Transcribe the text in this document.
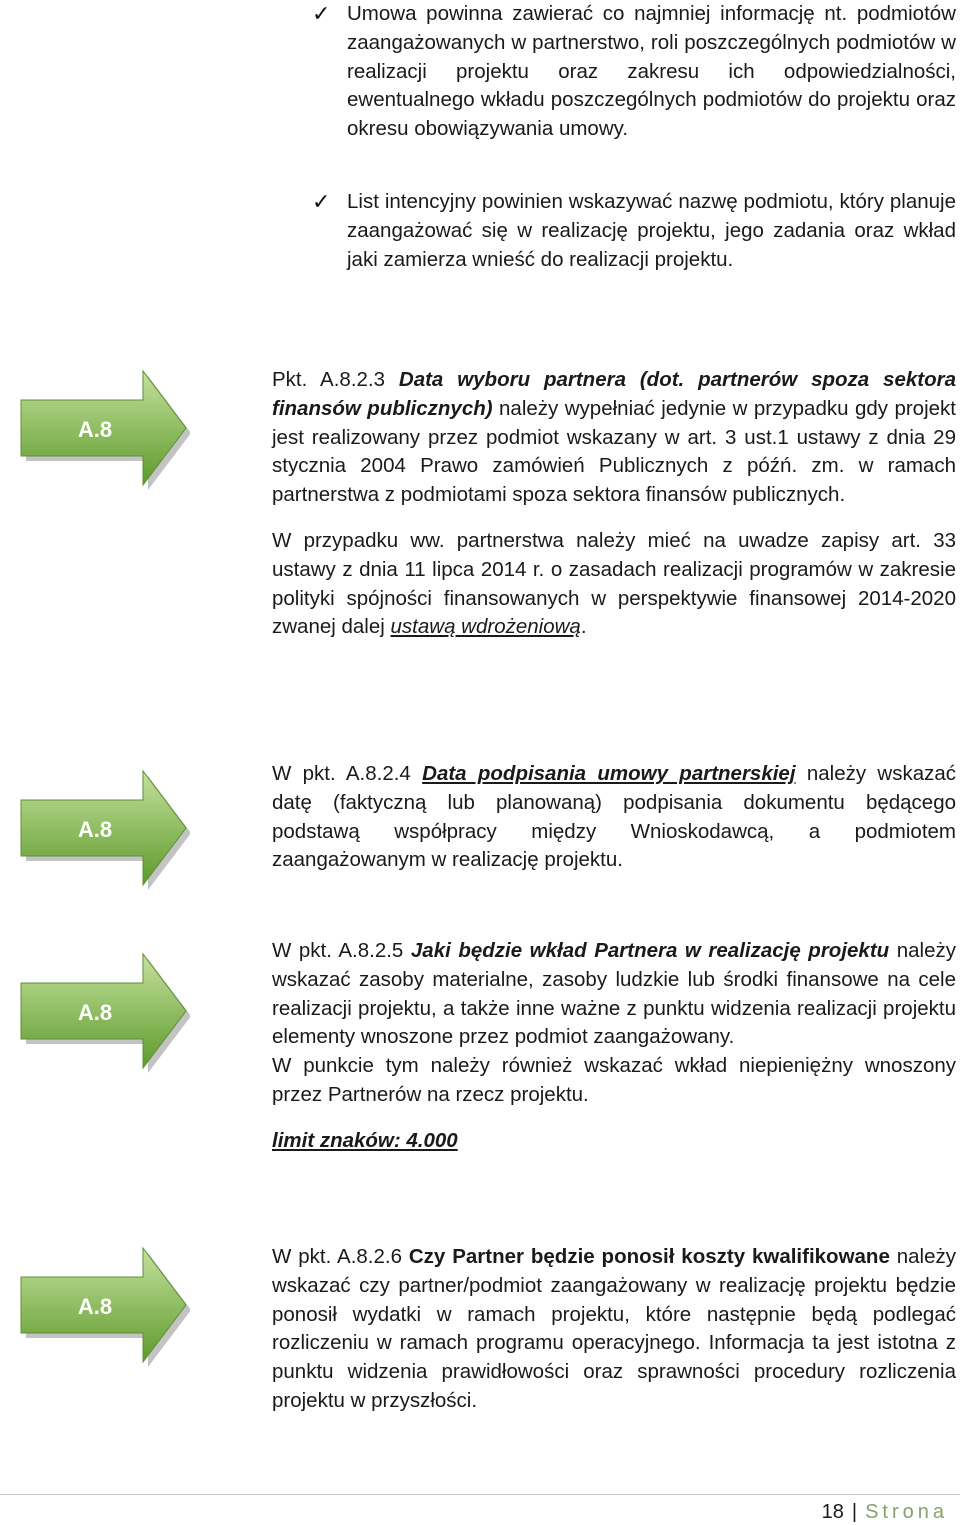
✓ Umowa powinna zawierać co najmniej informację nt. podmiotów zaangażowanych w partnerstwo, roli poszczególnych podmiotów w realizacji projektu oraz zakresu ich odpowiedzialności, ewentualnego wkładu poszczególnych podmiotów do projektu oraz okresu obowiązywania umowy.

✓ List intencyjny powinien wskazywać nazwę podmiotu, który planuje zaangażować się w realizację projektu, jego zadania oraz wkład jaki zamierza wnieść do realizacji projektu.

A.8
Pkt. A.8.2.3 Data wyboru partnera (dot. partnerów spoza sektora finansów publicznych) należy wypełniać jedynie w przypadku gdy projekt jest realizowany przez podmiot wskazany w art. 3 ust.1 ustawy z dnia 29 stycznia 2004 Prawo zamówień Publicznych z późń. zm. w ramach partnerstwa z podmiotami spoza sektora finansów publicznych.
W przypadku ww. partnerstwa należy mieć na uwadze zapisy art. 33 ustawy z dnia 11 lipca 2014 r. o zasadach realizacji programów w zakresie polityki spójności finansowanych w perspektywie finansowej 2014-2020 zwanej dalej ustawą wdrożeniową.
A.8
W pkt. A.8.2.4 Data podpisania umowy partnerskiej należy wskazać datę (faktyczną lub planowaną) podpisania dokumentu będącego podstawą współpracy między Wnioskodawcą, a podmiotem zaangażowanym w realizację projektu.
A.8
W pkt. A.8.2.5 Jaki będzie wkład Partnera w realizację projektu należy wskazać zasoby materialne, zasoby ludzkie lub środki finansowe na cele realizacji projektu, a także inne ważne z punktu widzenia realizacji projektu elementy wnoszone przez podmiot zaangażowany.
W punkcie tym należy również wskazać wkład niepieniężny wnoszony przez Partnerów na rzecz projektu.
limit znaków: 4.000
A.8
W pkt. A.8.2.6 Czy Partner będzie ponosił koszty kwalifikowane należy wskazać czy partner/podmiot zaangażowany w realizację projektu będzie ponosił wydatki w ramach projektu, które następnie będą podlegać rozliczeniu w ramach programu operacyjnego. Informacja ta jest istotna z punktu widzenia prawidłowości oraz sprawności procedury rozliczenia projektu w przyszłości.
18 | Strona
